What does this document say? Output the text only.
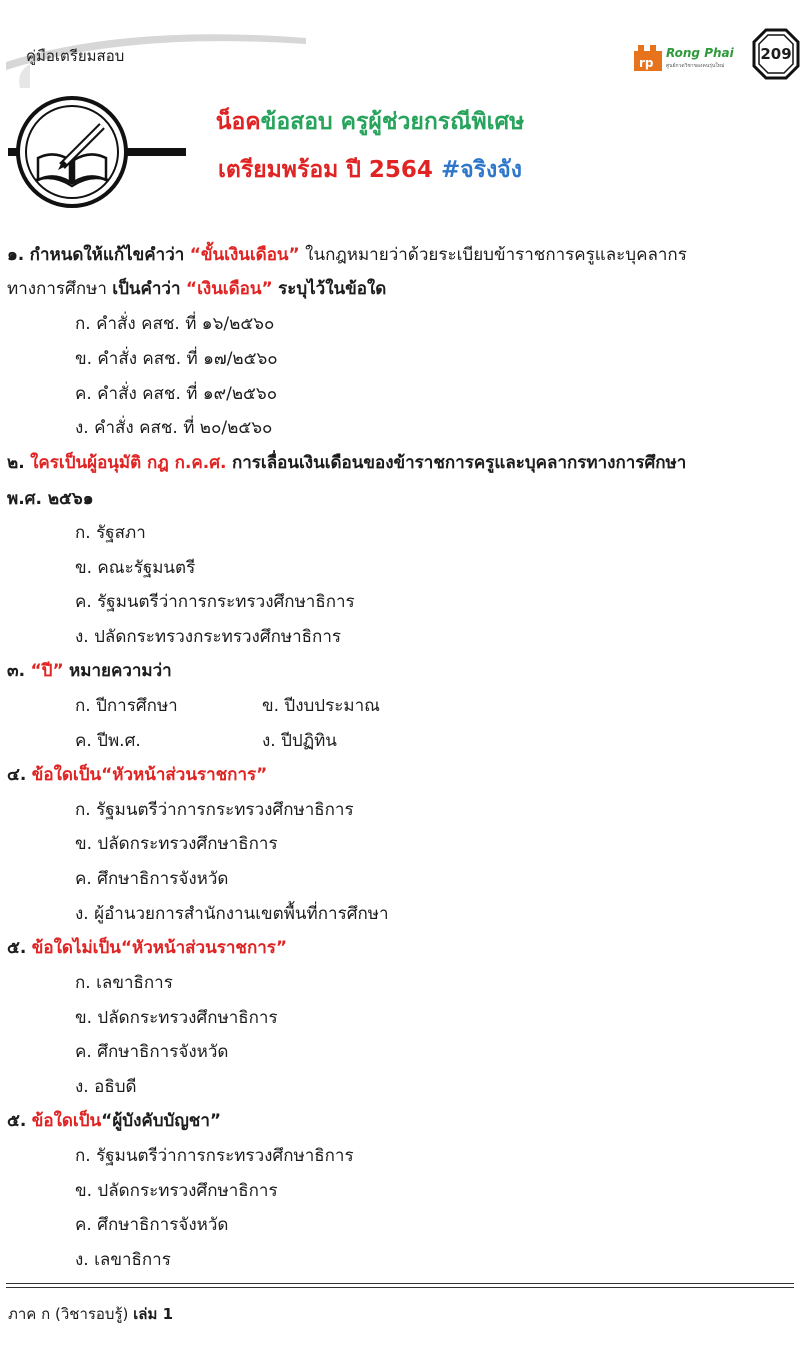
คู่มือเตรียมสอบ	rp
Rong Phai
ศูนย์กวดวิชาของคนรุ่นใหม่
209
น็อคข้อสอบ ครูผู้ช่วยกรณีพิเศษ
เตรียมพร้อม ปี 2564 #จริงจัง
๑. กำหนดให้แก้ไขคำว่า “ขั้นเงินเดือน” ในกฎหมายว่าด้วยระเบียบข้าราชการครูและบุคลากร
ทางการศึกษา เป็นคำว่า “เงินเดือน” ระบุไว้ในข้อใด
ก. คำสั่ง คสช. ที่ ๑๖/๒๕๖๐
ข. คำสั่ง คสช. ที่ ๑๗/๒๕๖๐
ค. คำสั่ง คสช. ที่ ๑๙/๒๕๖๐
ง. คำสั่ง คสช. ที่ ๒๐/๒๕๖๐
๒. ใครเป็นผู้อนุมัติ กฎ ก.ค.ศ. การเลื่อนเงินเดือนของข้าราชการครูและบุคลากรทางการศึกษา
พ.ศ. ๒๕๖๑
ก. รัฐสภา
ข. คณะรัฐมนตรี
ค. รัฐมนตรีว่าการกระทรวงศึกษาธิการ
ง. ปลัดกระทรวงกระทรวงศึกษาธิการ
๓. “ปี” หมายความว่า
ก. ปีการศึกษา	ข. ปีงบประมาณ
ค. ปีพ.ศ.	ง. ปีปฏิทิน
๔. ข้อใดเป็น“หัวหน้าส่วนราชการ”
ก. รัฐมนตรีว่าการกระทรวงศึกษาธิการ
ข. ปลัดกระทรวงศึกษาธิการ
ค. ศึกษาธิการจังหวัด
ง. ผู้อำนวยการสำนักงานเขตพื้นที่การศึกษา
๕. ข้อใดไม่เป็น“หัวหน้าส่วนราชการ”
ก. เลขาธิการ
ข. ปลัดกระทรวงศึกษาธิการ
ค. ศึกษาธิการจังหวัด
ง. อธิบดี
๕. ข้อใดเป็น“ผู้บังคับบัญชา”
ก. รัฐมนตรีว่าการกระทรวงศึกษาธิการ
ข. ปลัดกระทรวงศึกษาธิการ
ค. ศึกษาธิการจังหวัด
ง. เลขาธิการ
ภาค ก (วิชารอบรู้) เล่ม 1
